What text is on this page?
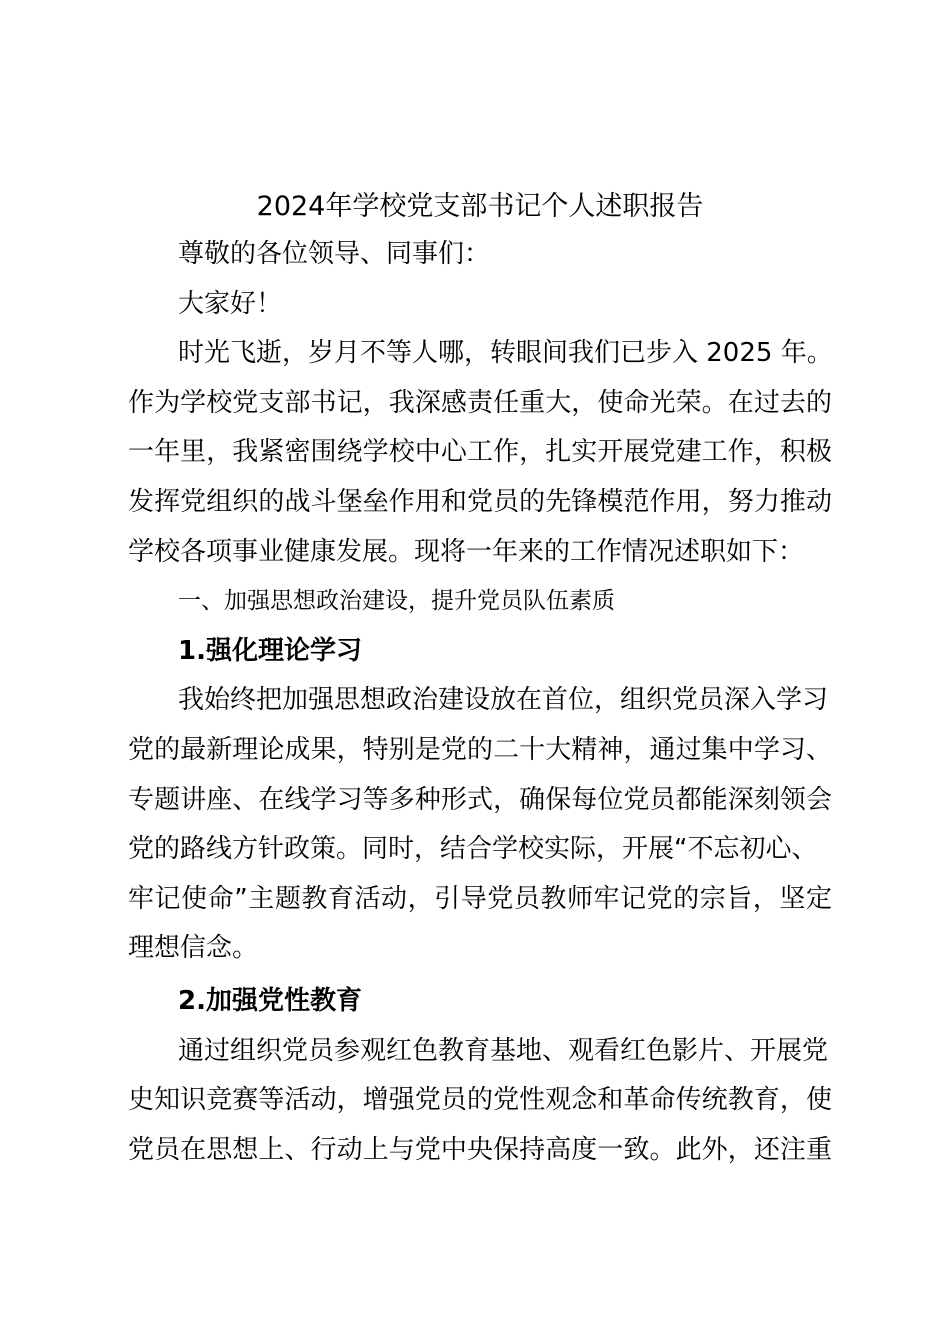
2024年学校党支部书记个人述职报告

尊敬的各位领导、同事们：

大家好！

时光飞逝，岁月不等人哪，转眼间我们已步入 2025 年。

作为学校党支部书记，我深感责任重大，使命光荣。在过去的

一年里，我紧密围绕学校中心工作，扎实开展党建工作，积极

发挥党组织的战斗堡垒作用和党员的先锋模范作用，努力推动

学校各项事业健康发展。现将一年来的工作情况述职如下：

一、加强思想政治建设，提升党员队伍素质

1.强化理论学习

我始终把加强思想政治建设放在首位，组织党员深入学习

党的最新理论成果，特别是党的二十大精神，通过集中学习、

专题讲座、在线学习等多种形式，确保每位党员都能深刻领会

党的路线方针政策。同时，结合学校实际，开展“不忘初心、

牢记使命”主题教育活动，引导党员教师牢记党的宗旨，坚定

理想信念。

2.加强党性教育

通过组织党员参观红色教育基地、观看红色影片、开展党

史知识竞赛等活动，增强党员的党性观念和革命传统教育，使

党员在思想上、行动上与党中央保持高度一致。此外，还注重
